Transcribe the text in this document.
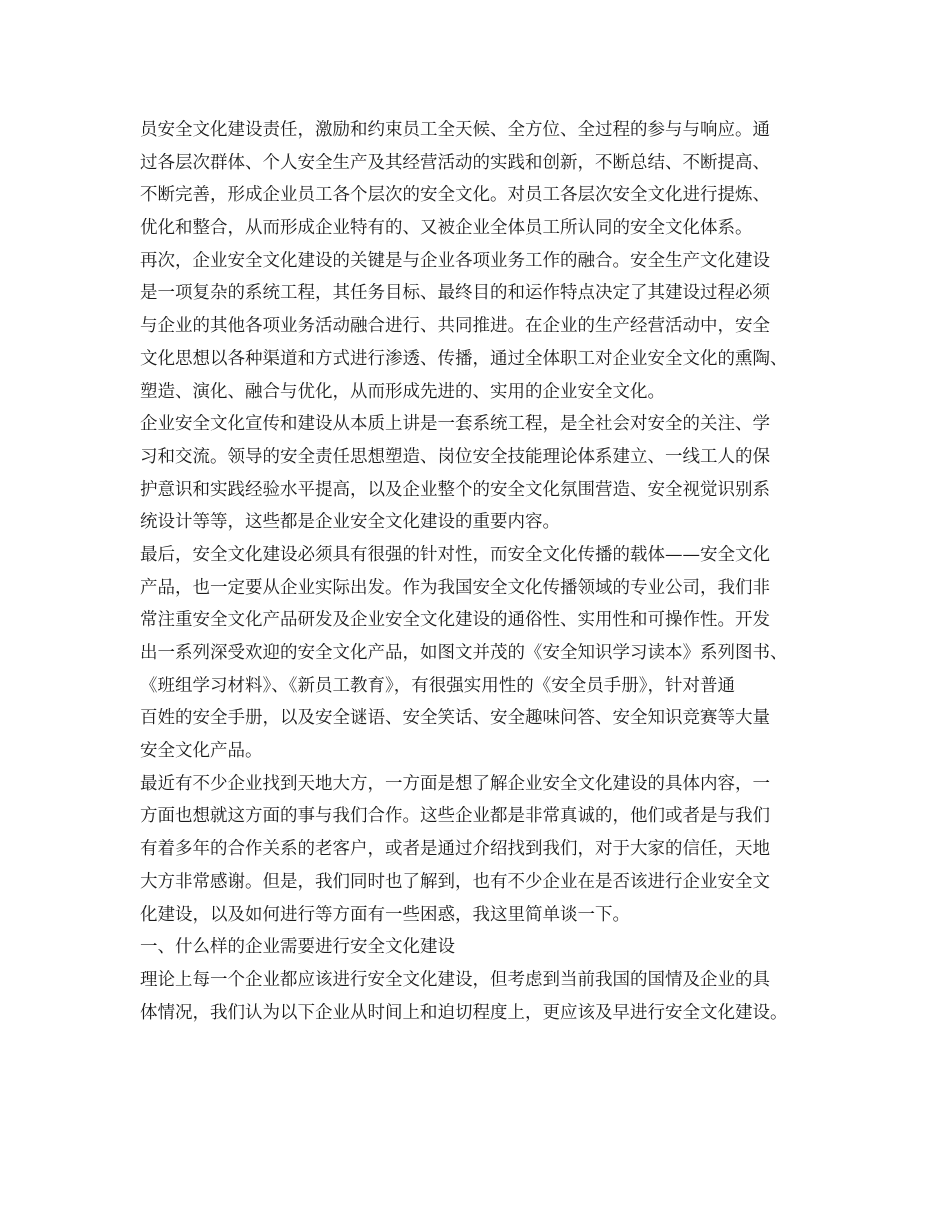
员安全文化建设责任，激励和约束员工全天候、全方位、全过程的参与与响应。通
过各层次群体、个人安全生产及其经营活动的实践和创新，不断总结、不断提高、
不断完善，形成企业员工各个层次的安全文化。对员工各层次安全文化进行提炼、
优化和整合，从而形成企业特有的、又被企业全体员工所认同的安全文化体系。
再次，企业安全文化建设的关键是与企业各项业务工作的融合。安全生产文化建设
是一项复杂的系统工程，其任务目标、最终目的和运作特点决定了其建设过程必须
与企业的其他各项业务活动融合进行、共同推进。在企业的生产经营活动中，安全
文化思想以各种渠道和方式进行渗透、传播，通过全体职工对企业安全文化的熏陶、
塑造、演化、融合与优化，从而形成先进的、实用的企业安全文化。
企业安全文化宣传和建设从本质上讲是一套系统工程，是全社会对安全的关注、学
习和交流。领导的安全责任思想塑造、岗位安全技能理论体系建立、一线工人的保
护意识和实践经验水平提高，以及企业整个的安全文化氛围营造、安全视觉识别系
统设计等等，这些都是企业安全文化建设的重要内容。
最后，安全文化建设必须具有很强的针对性，而安全文化传播的载体——安全文化
产品，也一定要从企业实际出发。作为我国安全文化传播领域的专业公司，我们非
常注重安全文化产品研发及企业安全文化建设的通俗性、实用性和可操作性。开发
出一系列深受欢迎的安全文化产品，如图文并茂的《安全知识学习读本》系列图书、
《班组学习材料》、《新员工教育》，有很强实用性的《安全员手册》，针对普通
百姓的安全手册，以及安全谜语、安全笑话、安全趣味问答、安全知识竞赛等大量
安全文化产品。
最近有不少企业找到天地大方，一方面是想了解企业安全文化建设的具体内容，一
方面也想就这方面的事与我们合作。这些企业都是非常真诚的，他们或者是与我们
有着多年的合作关系的老客户，或者是通过介绍找到我们，对于大家的信任，天地
大方非常感谢。但是，我们同时也了解到，也有不少企业在是否该进行企业安全文
化建设，以及如何进行等方面有一些困惑，我这里简单谈一下。
一、什么样的企业需要进行安全文化建设
理论上每一个企业都应该进行安全文化建设，但考虑到当前我国的国情及企业的具
体情况，我们认为以下企业从时间上和迫切程度上，更应该及早进行安全文化建设。
